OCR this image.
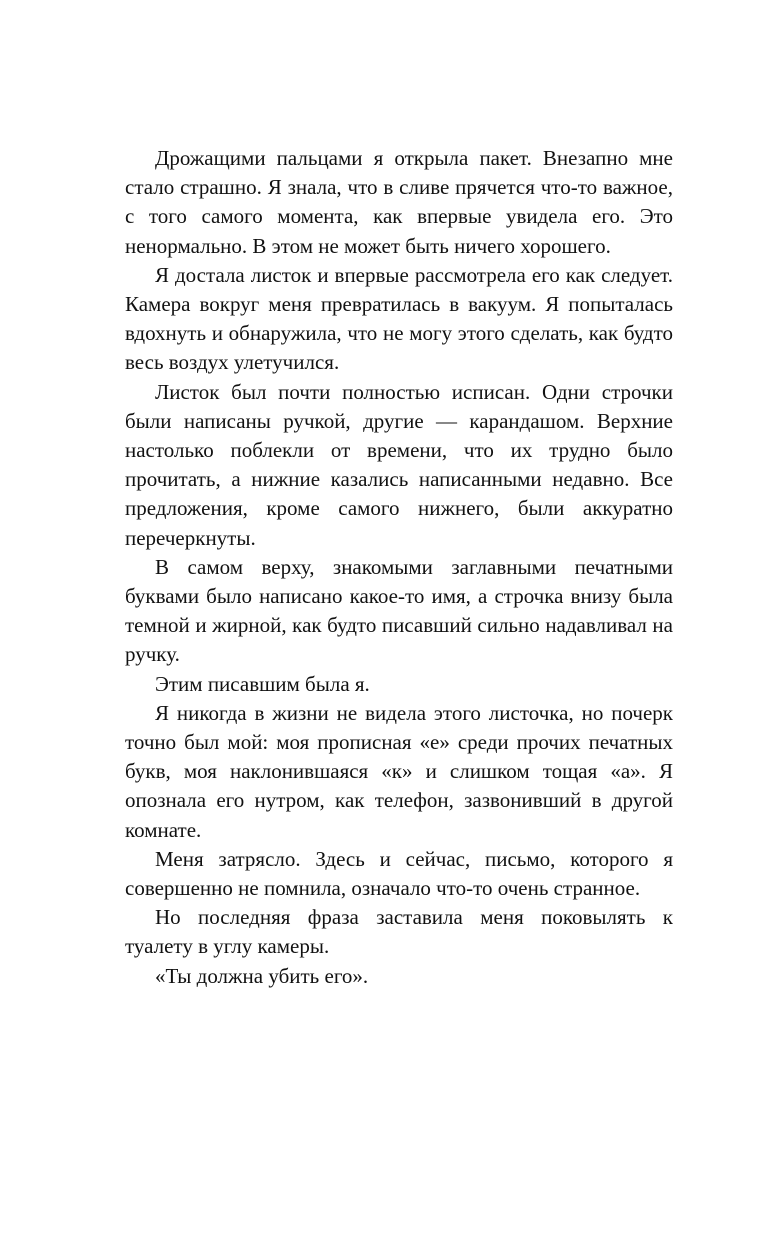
Дрожащими пальцами я открыла пакет. Внезапно мне стало страшно. Я знала, что в сливе прячется что-то важное, с того самого момента, как впервые увидела его. Это ненормально. В этом не может быть ничего хорошего.

Я достала листок и впервые рассмотрела его как следует. Камера вокруг меня превратилась в вакуум. Я попыталась вдохнуть и обнаружила, что не могу этого сделать, как будто весь воздух улетучился.

Листок был почти полностью исписан. Одни строчки были написаны ручкой, другие — карандашом. Верхние настолько поблекли от времени, что их трудно было прочитать, а нижние казались написанными недавно. Все предложения, кроме самого нижнего, были аккуратно перечеркнуты.

В самом верху, знакомыми заглавными печатными буквами было написано какое-то имя, а строчка внизу была темной и жирной, как будто писавший сильно надавливал на ручку.

Этим писавшим была я.

Я никогда в жизни не видела этого листочка, но почерк точно был мой: моя прописная «е» среди прочих печатных букв, моя наклонившаяся «к» и слишком тощая «а». Я опознала его нутром, как телефон, зазвонивший в другой комнате.

Меня затрясло. Здесь и сейчас, письмо, которого я совершенно не помнила, означало что-то очень странное.

Но последняя фраза заставила меня поковылять к туалету в углу камеры.

«Ты должна убить его».
